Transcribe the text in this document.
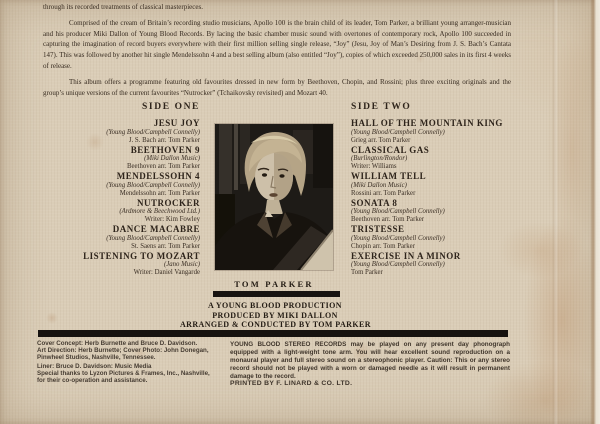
through its recorded treatments of classical masterpieces.

Comprised of the cream of Britain’s recording studio musicians, Apollo 100 is the brain child of its leader, Tom Parker, a brilliant young arranger-musician and his producer Miki Dallon of Young Blood Records. By lacing the basic chamber music sound with overtones of contemporary rock, Apollo 100 succeeded in capturing the imagination of record buyers everywhere with their first million selling single release, “Joy” (Jesu, Joy of Man’s Desiring from J. S. Bach’s Cantata 147). This was followed by another hit single Mendelssohn 4 and a best selling album (also entitled “Joy”), copies of which exceeded 250,000 sales in its first 4 weeks of release.

This album offers a programme featuring old favourites dressed in new form by Beethoven, Chopin, and Rossini; plus three exciting originals and the group’s unique versions of the current favourites “Nutrocker” (Tchaikovsky revisited) and Mozart 40.

SIDE ONE
JESU JOY
(Young Blood/Campbell Connelly)
J. S. Bach arr. Tom Parker
BEETHOVEN 9
(Miki Dallon Music)
Beethoven arr. Tom Parker
MENDELSSOHN 4
(Young Blood/Campbell Connelly)
Mendelssohn arr. Tom Parker
NUTROCKER
(Ardmore & Beechwood Ltd.)
Writer: Kim Fowley
DANCE MACABRE
(Young Blood/Campbell Connelly)
St. Saens arr. Tom Parker
LISTENING TO MOZART
(Jano Music)
Writer: Daniel Vangarde
SIDE TWO
HALL OF THE MOUNTAIN KING
(Young Blood/Campbell Connelly)
Grieg arr. Tom Parker
CLASSICAL GAS
(Burlington/Rondor)
Writer: Williams
WILLIAM TELL
(Miki Dallon Music)
Rossini arr. Tom Parker
SONATA 8
(Young Blood/Campbell Connelly)
Beethoven arr. Tom Parker
TRISTESSE
(Young Blood/Campbell Connelly)
Chopin arr. Tom Parker
EXERCISE IN A MINOR
(Young Blood/Campbell Connelly)
Tom Parker
TOM PARKER
A YOUNG BLOOD PRODUCTION
PRODUCED BY MIKI DALLON
ARRANGED & CONDUCTED BY TOM PARKER
Cover Concept: Herb Burnette and Bruce D. Davidson.
Art Direction: Herb Burnette; Cover Photo: John Donegan,
Pinwheel Studios, Nashville, Tennessee.
Liner: Bruce D. Davidson: Music Media
Special thanks to Lyzon Pictures & Frames, Inc., Nashville,
for their co-operation and assistance.
YOUNG BLOOD STEREO RECORDS may be played on any present day phonograph equipped with a light-weight tone arm. You will hear excellent sound reproduction on a monaural player and full stereo sound on a stereophonic player. Caution: This or any stereo record should not be played with a worn or damaged needle as it will result in permanent damage to the record.
PRINTED BY F. LINARD & CO. LTD.
